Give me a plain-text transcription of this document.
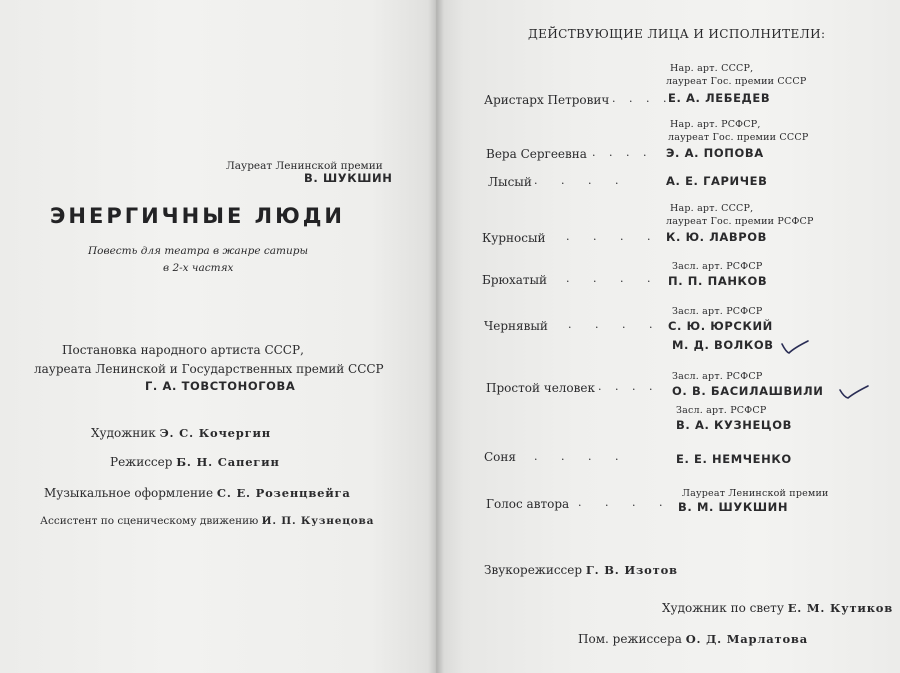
Лауреат Ленинской премии
В. ШУКШИН
ЭНЕРГИЧНЫЕ ЛЮДИ
Повесть для театра в жанре сатиры
в 2-х частях
Постановка народного артиста СССР,
лауреата Ленинской и Государственных премий СССР
Г. А. ТОВСТОНОГОВА
Художник Э. С. Кочергин
Режиссер Б. Н. Сапегин
Музыкальное оформление С. Е. Розенцвейга
Ассистент по сценическому движению И. П. Кузнецова
ДЕЙСТВУЮЩИЕ ЛИЦА И ИСПОЛНИТЕЛИ:
Нар. арт. СССР,
лауреат Гос. премии СССР
Аристарх Петрович . . . .
Е. А. ЛЕБЕДЕВ
Нар. арт. РСФСР,
лауреат Гос. премии СССР
Вера Сергеевна . . . . Э. А. ПОПОВА
Лысый . . . .	А. Е. ГАРИЧЕВ
Нар. арт. СССР,
лауреат Гос. премии РСФСР
Курносый . . . . К. Ю. ЛАВРОВ
Засл. арт. РСФСР
Брюхатый . . . . П. П. ПАНКОВ
Засл. арт. РСФСР
Чернявый . . . . С. Ю. ЮРСКИЙ
М. Д. ВОЛКОВ
Засл. арт. РСФСР
Простой человек . . . . О. В. БАСИЛАШВИЛИ
Засл. арт. РСФСР
В. А. КУЗНЕЦОВ
Соня . . . .	Е. Е. НЕМЧЕНКО
Лауреат Ленинской премии
Голос автора . . . . В. М. ШУКШИН
Звукорежиссер Г. В. Изотов
Художник по свету Е. М. Кутиков
Пом. режиссера О. Д. Марлатова
